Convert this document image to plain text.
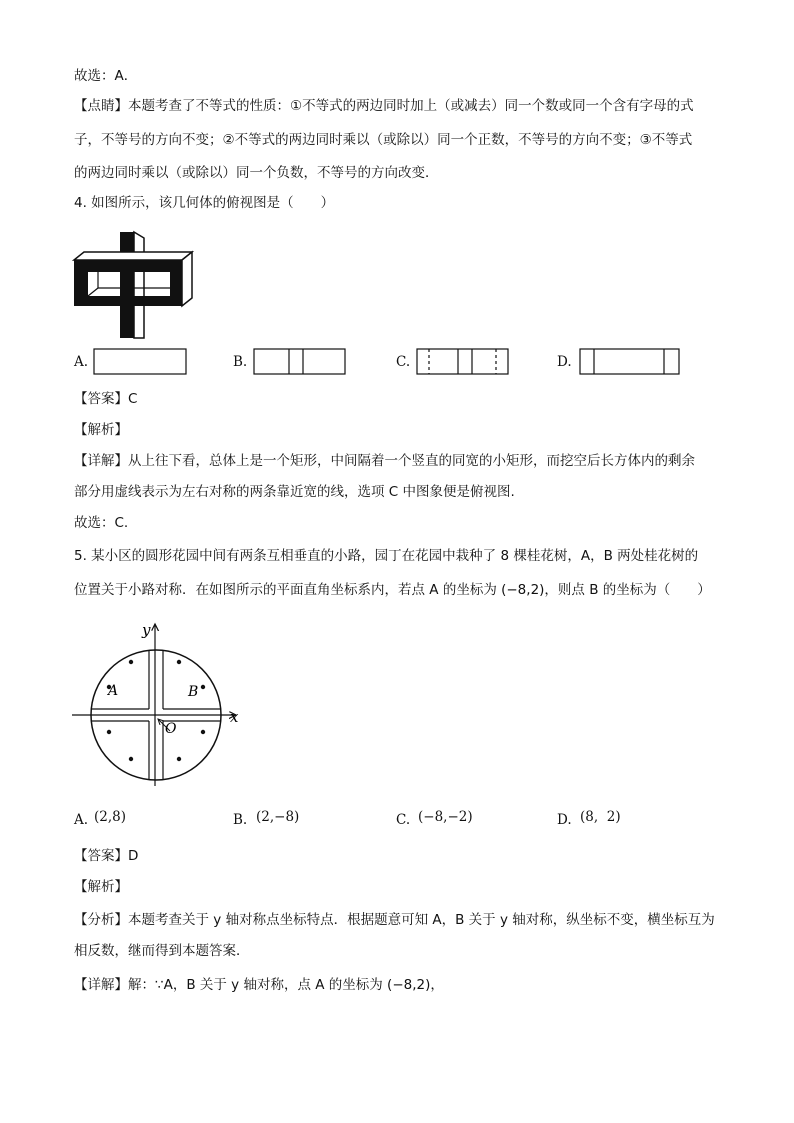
故选：A．
【点睛】本题考查了不等式的性质：①不等式的两边同时加上（或减去）同一个数或同一个含有字母的式
子，不等号的方向不变；②不等式的两边同时乘以（或除以）同一个正数，不等号的方向不变；③不等式
的两边同时乘以（或除以）同一个负数，不等号的方向改变．
4. 如图所示，该几何体的俯视图是（　　）
A.	B.	C.	D.
【答案】C
【解析】
【详解】从上往下看，总体上是一个矩形，中间隔着一个竖直的同宽的小矩形，而挖空后长方体内的剩余
部分用虚线表示为左右对称的两条靠近宽的线，选项 C 中图象便是俯视图.
故选：C.
5. 某小区的圆形花园中间有两条互相垂直的小路，园丁在花园中栽种了 8 棵桂花树，A，B 两处桂花树的
位置关于小路对称．在如图所示的平面直角坐标系内，若点 A 的坐标为 (−8,2)，则点 B 的坐标为（　　）
y
x
A	B
O
A. (2,8)	B. (2,−8)	C. (−8,−2)	D. (8,  2)
【答案】D
【解析】
【分析】本题考查关于 y 轴对称点坐标特点．根据题意可知 A，B 关于 y 轴对称，纵坐标不变，横坐标互为
相反数，继而得到本题答案．
【详解】解：∵A，B 关于 y 轴对称，点 A 的坐标为 (−8,2)，
